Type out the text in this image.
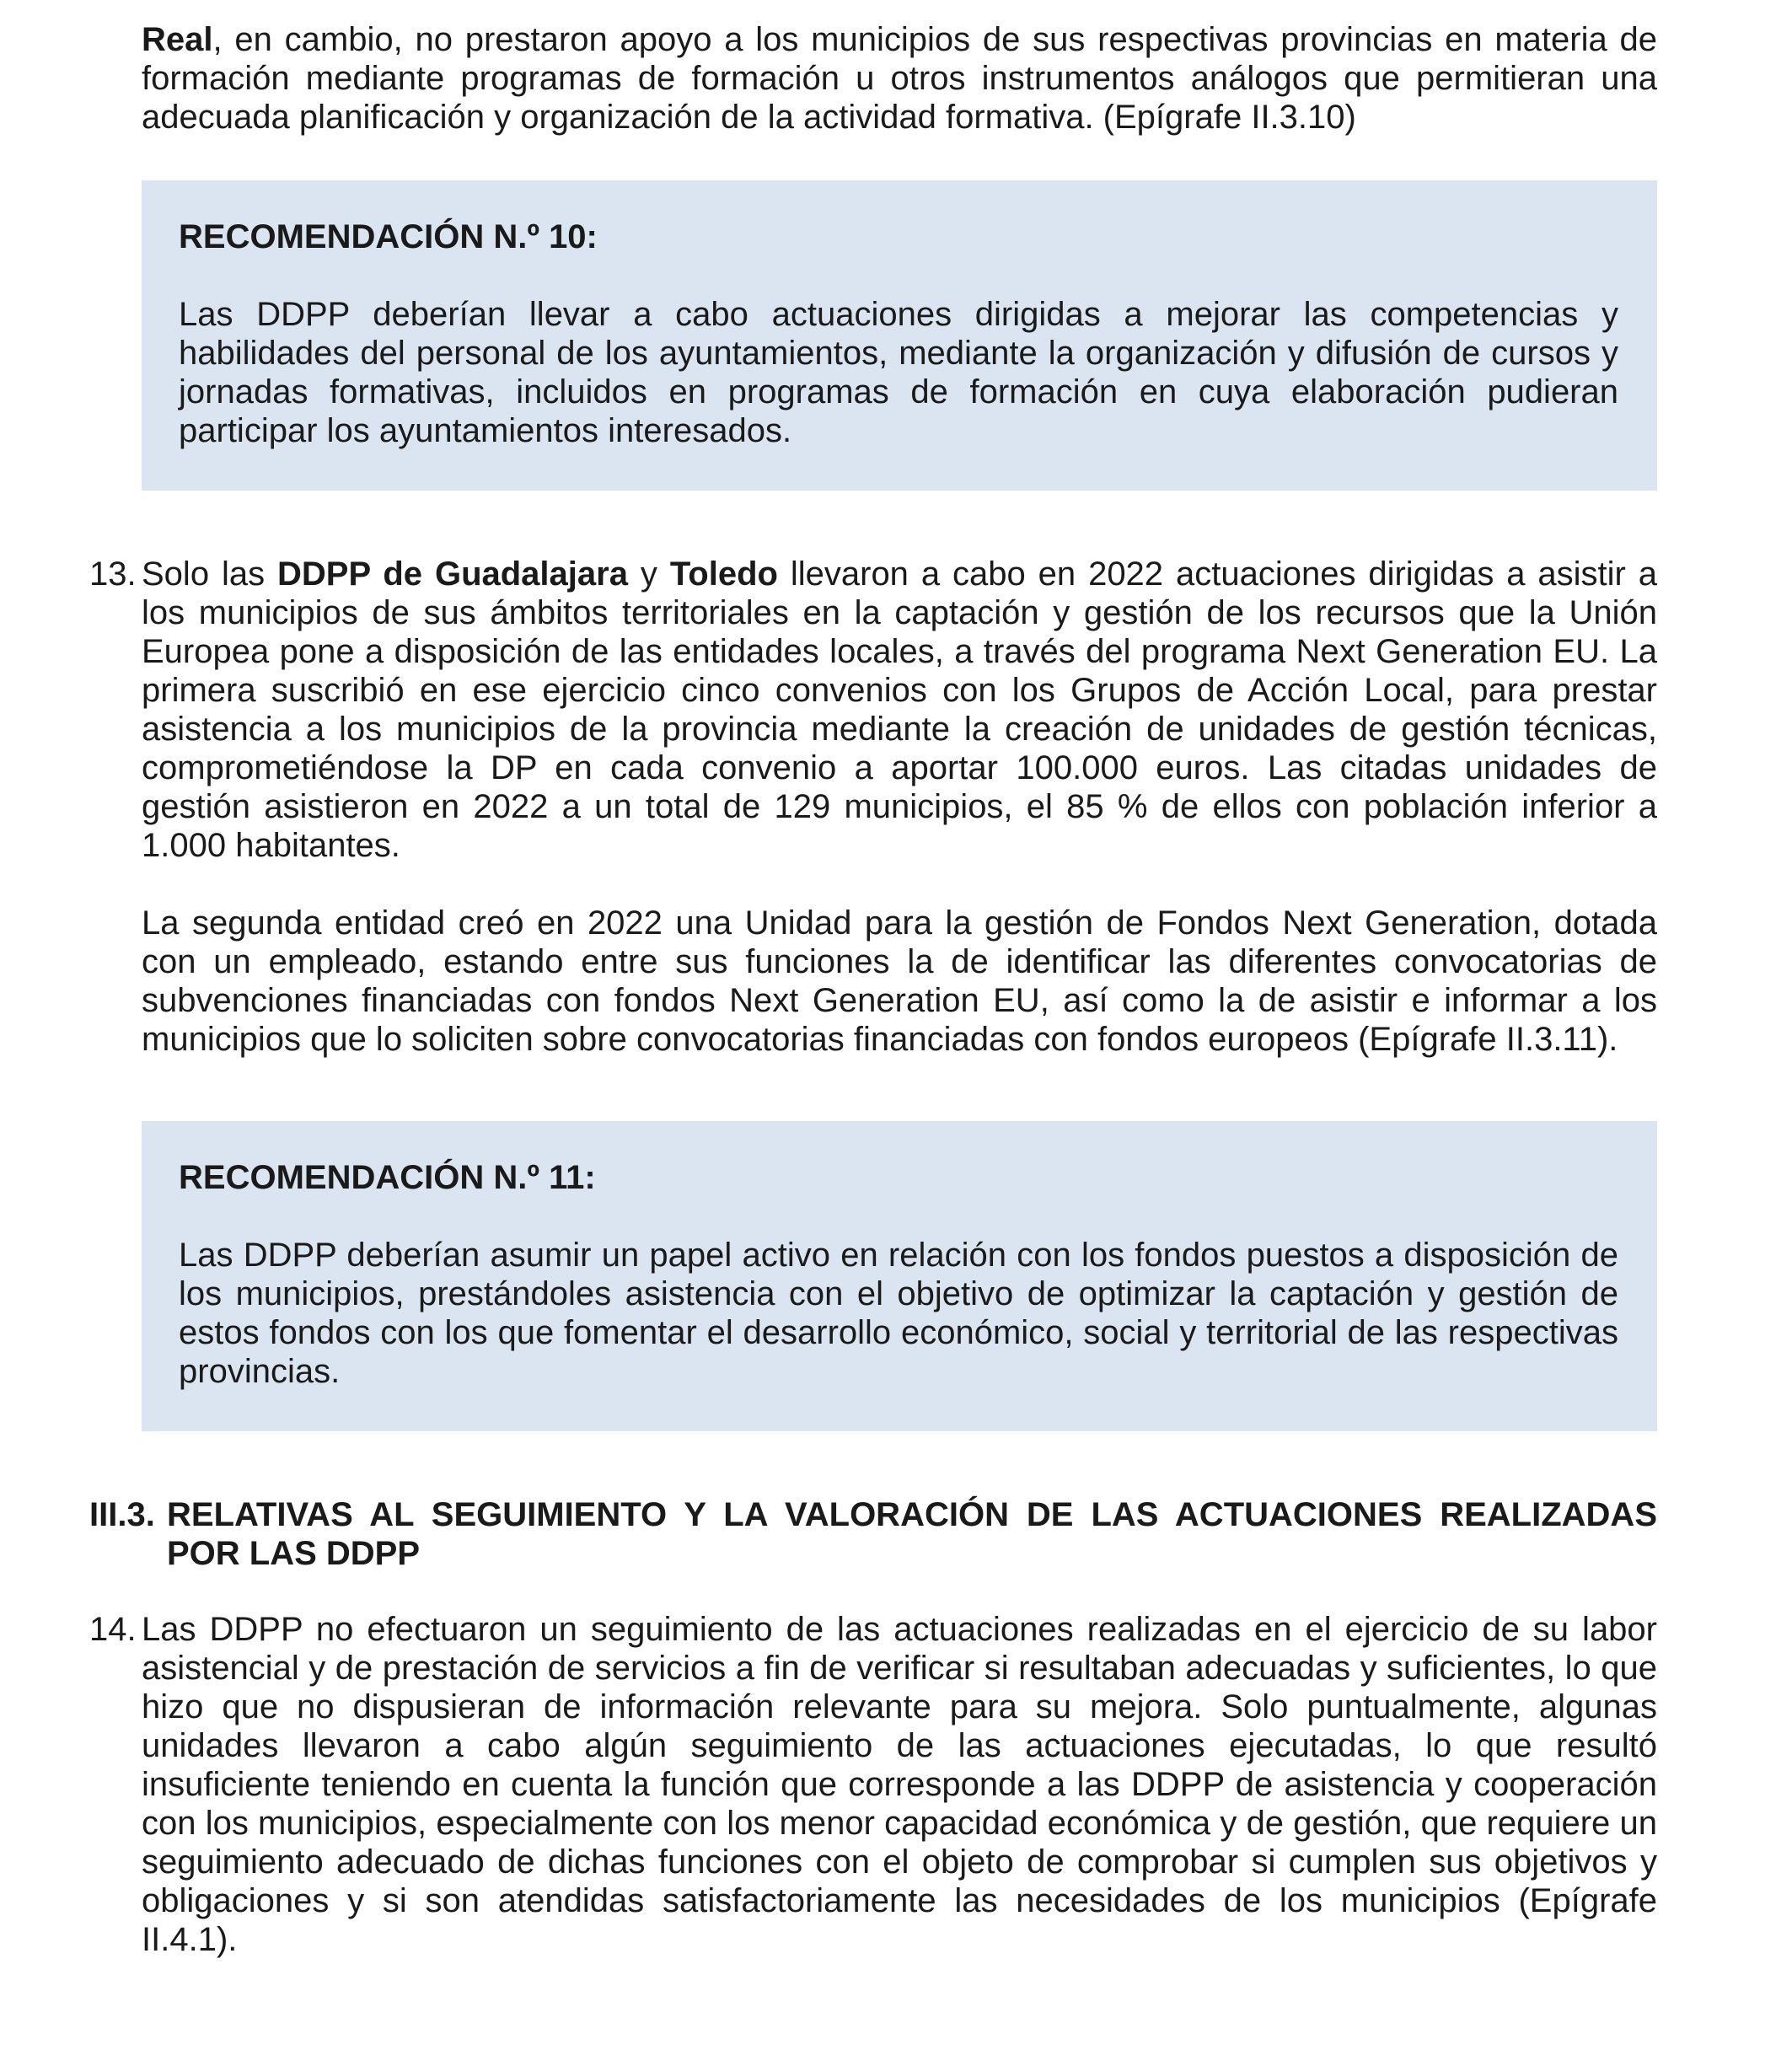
Real, en cambio, no prestaron apoyo a los municipios de sus respectivas provincias en materia de formación mediante programas de formación u otros instrumentos análogos que permitieran una adecuada planificación y organización de la actividad formativa. (Epígrafe II.3.10)

RECOMENDACIÓN N.º 10:

Las DDPP deberían llevar a cabo actuaciones dirigidas a mejorar las competencias y habilidades del personal de los ayuntamientos, mediante la organización y difusión de cursos y jornadas formativas, incluidos en programas de formación en cuya elaboración pudieran participar los ayuntamientos interesados.

13. Solo las DDPP de Guadalajara y Toledo llevaron a cabo en 2022 actuaciones dirigidas a asistir a los municipios de sus ámbitos territoriales en la captación y gestión de los recursos que la Unión Europea pone a disposición de las entidades locales, a través del programa Next Generation EU. La primera suscribió en ese ejercicio cinco convenios con los Grupos de Acción Local, para prestar asistencia a los municipios de la provincia mediante la creación de unidades de gestión técnicas, comprometiéndose la DP en cada convenio a aportar 100.000 euros. Las citadas unidades de gestión asistieron en 2022 a un total de 129 municipios, el 85 % de ellos con población inferior a 1.000 habitantes.

La segunda entidad creó en 2022 una Unidad para la gestión de Fondos Next Generation, dotada con un empleado, estando entre sus funciones la de identificar las diferentes convocatorias de subvenciones financiadas con fondos Next Generation EU, así como la de asistir e informar a los municipios que lo soliciten sobre convocatorias financiadas con fondos europeos (Epígrafe II.3.11).

RECOMENDACIÓN N.º 11:

Las DDPP deberían asumir un papel activo en relación con los fondos puestos a disposición de los municipios, prestándoles asistencia con el objetivo de optimizar la captación y gestión de estos fondos con los que fomentar el desarrollo económico, social y territorial de las respectivas provincias.

III.3. RELATIVAS AL SEGUIMIENTO Y LA VALORACIÓN DE LAS ACTUACIONES REALIZADAS POR LAS DDPP
14. Las DDPP no efectuaron un seguimiento de las actuaciones realizadas en el ejercicio de su labor asistencial y de prestación de servicios a fin de verificar si resultaban adecuadas y suficientes, lo que hizo que no dispusieran de información relevante para su mejora. Solo puntualmente, algunas unidades llevaron a cabo algún seguimiento de las actuaciones ejecutadas, lo que resultó insuficiente teniendo en cuenta la función que corresponde a las DDPP de asistencia y cooperación con los municipios, especialmente con los menor capacidad económica y de gestión, que requiere un seguimiento adecuado de dichas funciones con el objeto de comprobar si cumplen sus objetivos y obligaciones y si son atendidas satisfactoriamente las necesidades de los municipios (Epígrafe II.4.1).
